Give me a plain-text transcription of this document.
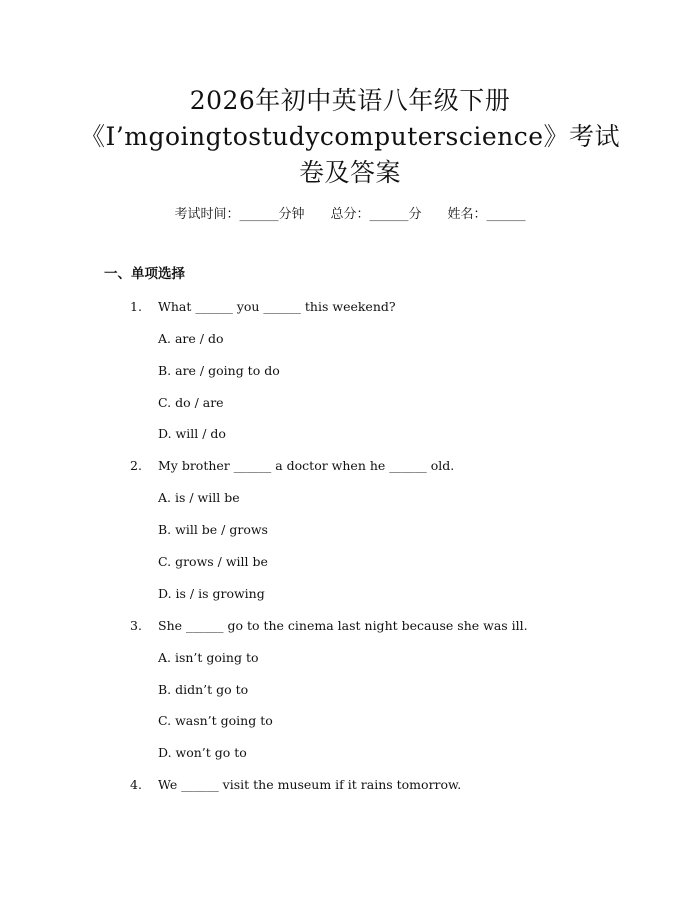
2026年初中英语八年级下册
《I’mgoingtostudycomputerscience》考试
卷及答案
考试时间：______分钟 总分：______分 姓名：______
一、单项选择
1. What ______ you ______ this weekend?
A. are / do
B. are / going to do
C. do / are
D. will / do
2. My brother ______ a doctor when he ______ old.
A. is / will be
B. will be / grows
C. grows / will be
D. is / is growing
3. She ______ go to the cinema last night because she was ill.
A. isn’t going to
B. didn’t go to
C. wasn’t going to
D. won’t go to
4. We ______ visit the museum if it rains tomorrow.
